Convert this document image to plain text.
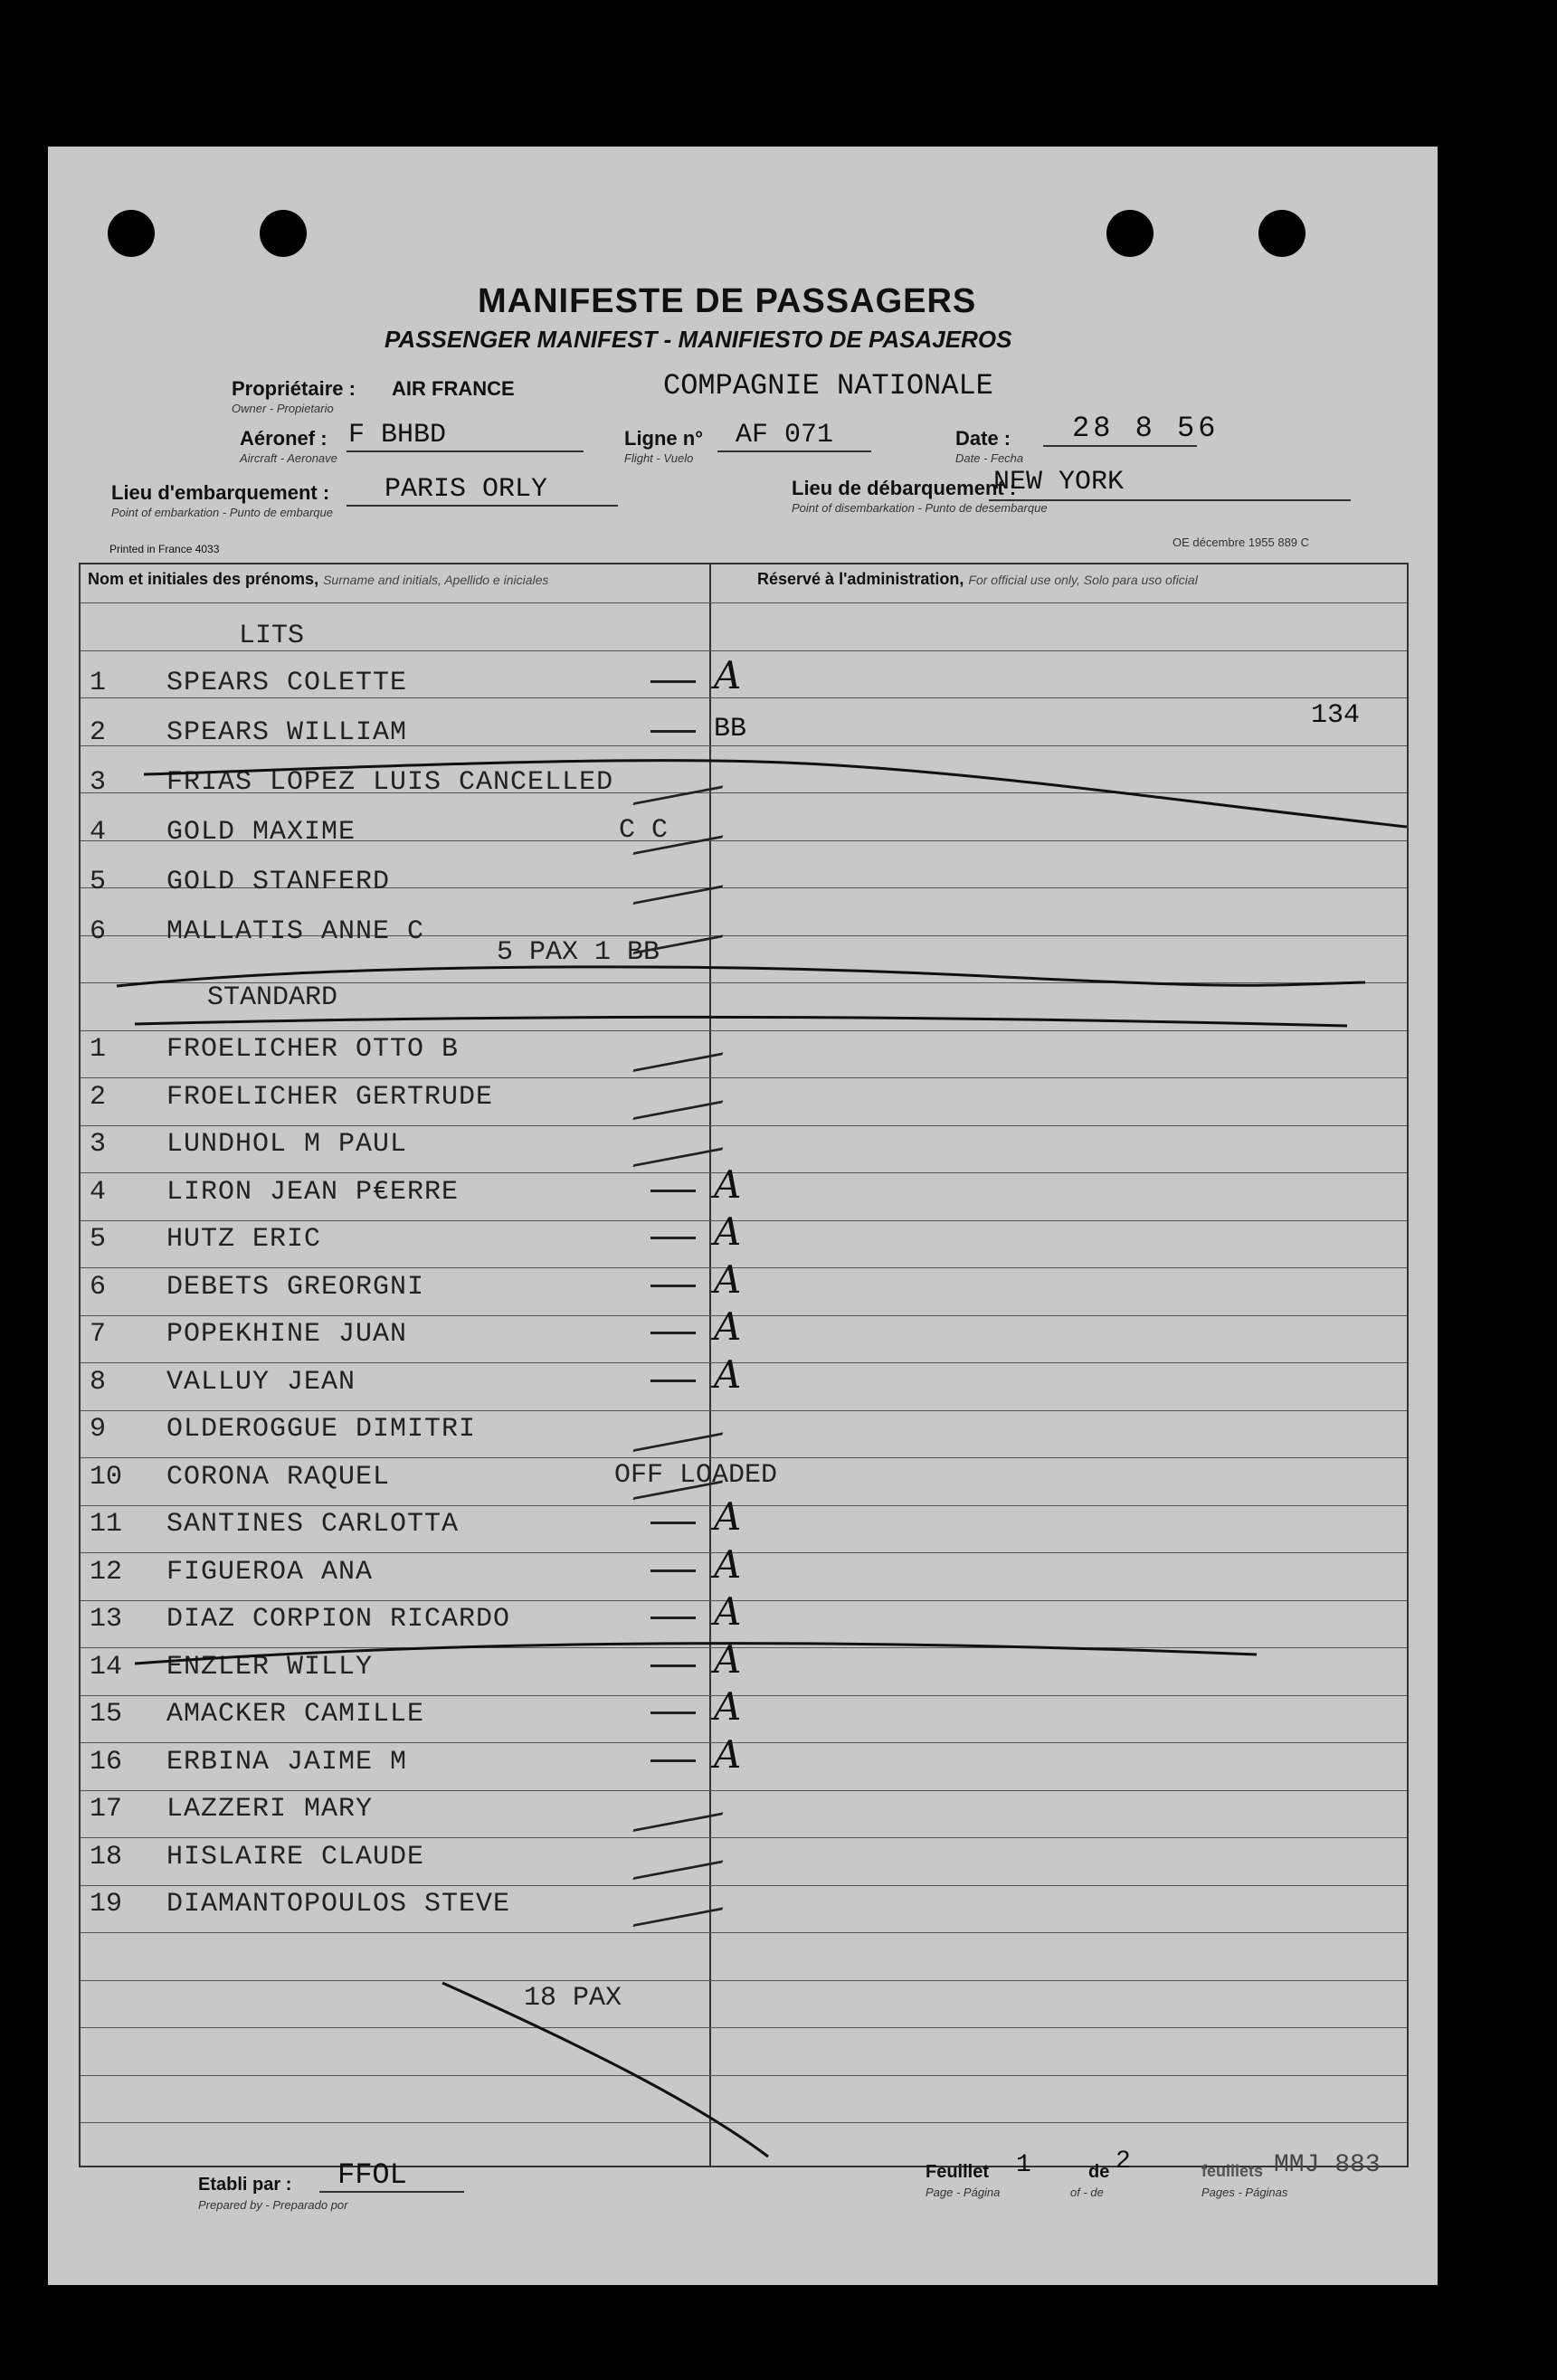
MANIFESTE DE PASSAGERS
PASSENGER MANIFEST - MANIFIESTO DE PASAJEROS
Propriétaire :
Owner - Propietario
AIR FRANCE	COMPAGNIE NATIONALE
Aéronef :
Aircraft - Aeronave
F BHBD	Ligne n°
Flight - Vuelo
AF 071	Date :
Date - Fecha
28 8 56
Lieu d'embarquement :
Point of embarkation - Punto de embarque
PARIS ORLY	Lieu de débarquement :
Point of disembarkation - Punto de desembarque
NEW YORK
Printed in France 4033	OE décembre 1955 889 C
Nom et initiales des prénoms, Surname and initials, Apellido e iniciales	Réservé à l'administration, For official use only, Solo para uso oficial
LITS
134
1 SPEARS COLETTE	A
2 SPEARS WILLIAM	BB
3 FRIAS LOPEZ LUIS CANCELLED
4 GOLD MAXIME	C C
5 GOLD STANFERD
6 MALLATIS ANNE C
5 PAX 1 BB
STANDARD
1 FROELICHER OTTO B
2 FROELICHER GERTRUDE
3 LUNDHOL M PAUL
4 LIRON JEAN P€ERRE	A
5 HUTZ ERIC	A
6 DEBETS GREORGNI	A
7 POPEKHINE JUAN	A
8 VALLUY JEAN	A
9 OLDEROGGUE DIMITRI
10 CORONA RAQUEL	OFF LOADED
11 SANTINES CARLOTTA	A
12 FIGUEROA ANA	A
13 DIAZ CORPION RICARDO	A
14 ENZLER WILLY	A
15 AMACKER CAMILLE	A
16 ERBINA JAIME M	A
17 LAZZERI MARY
18 HISLAIRE CLAUDE
19 DIAMANTOPOULOS STEVE
18 PAX
Etabli par :
Prepared by - Preparado por
FFOL	Feuillet
Page - Página
1	de
of - de
2	feuillets
Pages - Páginas
MMJ 883
